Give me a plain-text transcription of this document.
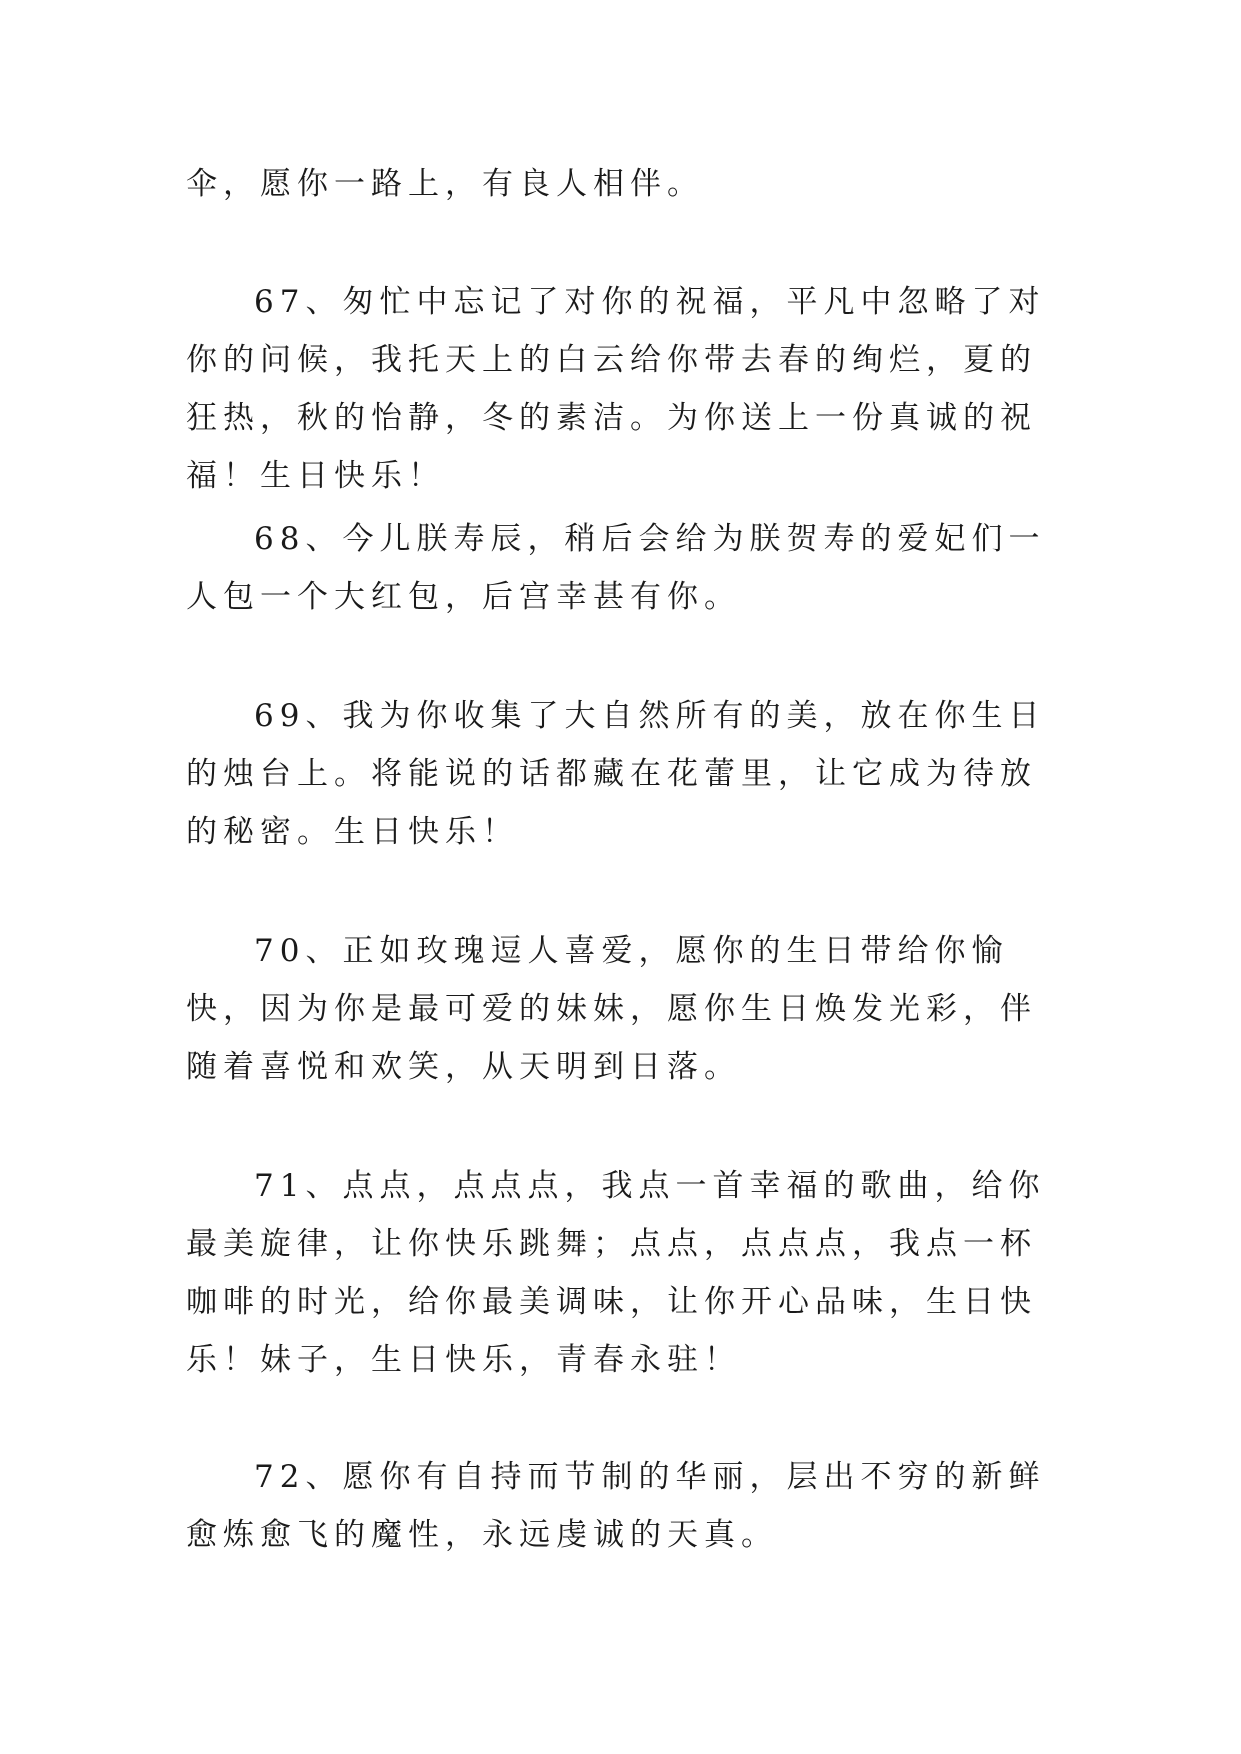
伞，愿你一路上，有良人相伴。

67、匆忙中忘记了对你的祝福，平凡中忽略了对你的问候，我托天上的白云给你带去春的绚烂，夏的狂热，秋的怡静，冬的素洁。为你送上一份真诚的祝福！生日快乐！

68、今儿朕寿辰，稍后会给为朕贺寿的爱妃们一人包一个大红包，后宫幸甚有你。

69、我为你收集了大自然所有的美，放在你生日的烛台上。将能说的话都藏在花蕾里，让它成为待放的秘密。生日快乐！

70、正如玫瑰逗人喜爱，愿你的生日带给你愉快，因为你是最可爱的妹妹，愿你生日焕发光彩，伴随着喜悦和欢笑，从天明到日落。

71、点点，点点点，我点一首幸福的歌曲，给你最美旋律，让你快乐跳舞；点点，点点点，我点一杯咖啡的时光，给你最美调味，让你开心品味，生日快乐！妹子，生日快乐，青春永驻！

72、愿你有自持而节制的华丽，层出不穷的新鲜愈炼愈飞的魔性，永远虔诚的天真。
